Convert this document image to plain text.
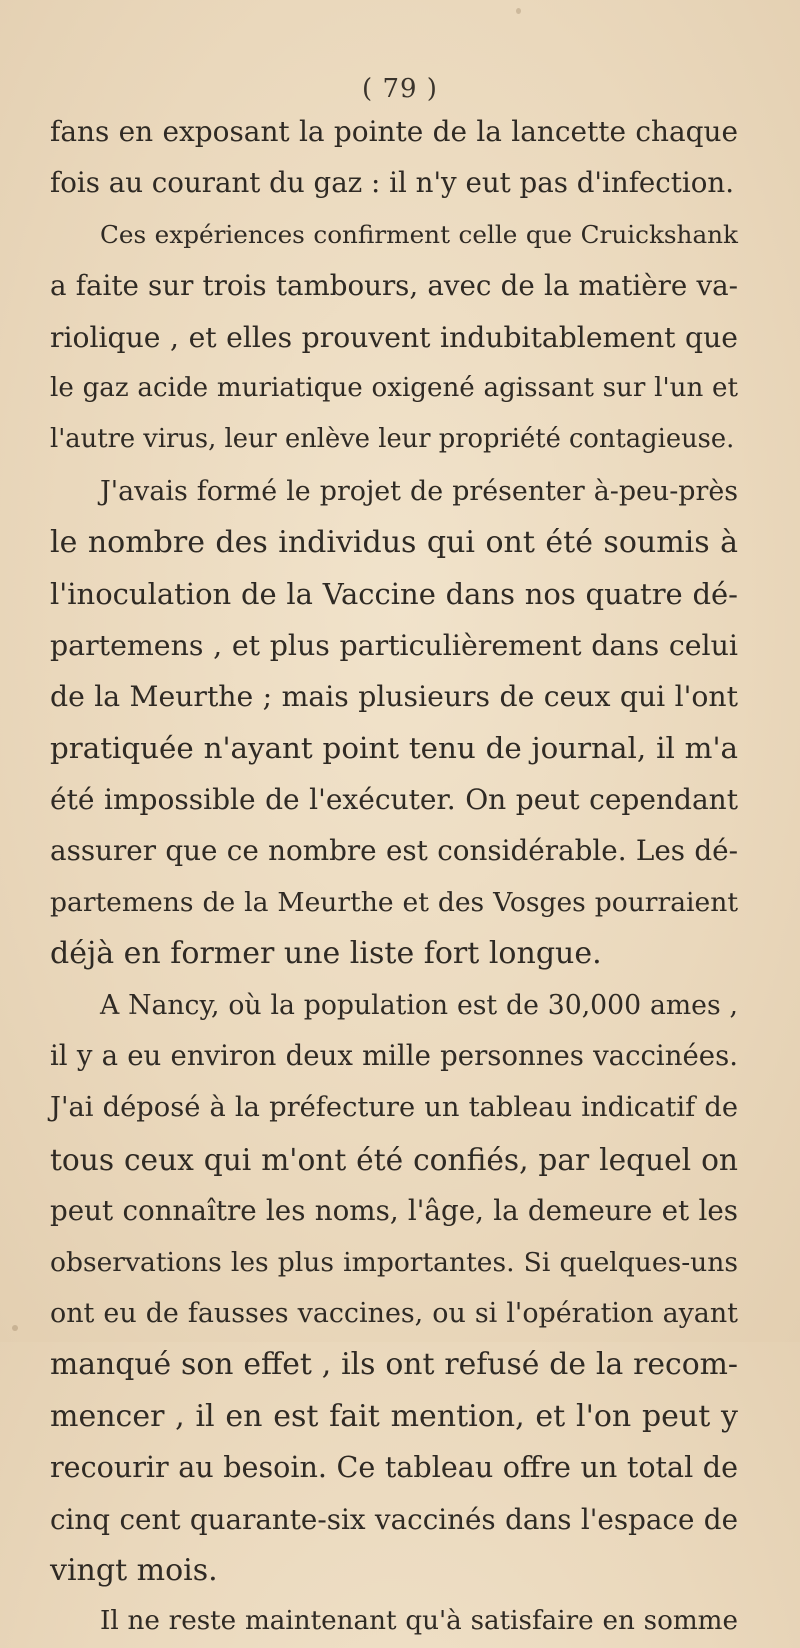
( 79 )
fans en exposant la pointe de la lancette chaque
fois au courant du gaz : il n'y eut pas d'infection.
Ces expériences confirment celle que Cruickshank
a faite sur trois tambours, avec de la matière va-
riolique , et elles prouvent indubitablement que
le gaz acide muriatique oxigené agissant sur l'un et
l'autre virus, leur enlève leur propriété contagieuse.
J'avais formé le projet de présenter à-peu-près
le nombre des individus qui ont été soumis à
l'inoculation de la Vaccine dans nos quatre dé-
partemens , et plus particulièrement dans celui
de la Meurthe ; mais plusieurs de ceux qui l'ont
pratiquée n'ayant point tenu de journal, il m'a
été impossible de l'exécuter. On peut cependant
assurer que ce nombre est considérable. Les dé-
partemens de la Meurthe et des Vosges pourraient
déjà en former une liste fort longue.
A Nancy, où la population est de 30,000 ames ,
il y a eu environ deux mille personnes vaccinées.
J'ai déposé à la préfecture un tableau indicatif de
tous ceux qui m'ont été confiés, par lequel on
peut connaître les noms, l'âge, la demeure et les
observations les plus importantes. Si quelques-uns
ont eu de fausses vaccines, ou si l'opération ayant
manqué son effet , ils ont refusé de la recom-
mencer , il en est fait mention, et l'on peut y
recourir au besoin. Ce tableau offre un total de
cinq cent quarante-six vaccinés dans l'espace de
vingt mois.
Il ne reste maintenant qu'à satisfaire en somme
